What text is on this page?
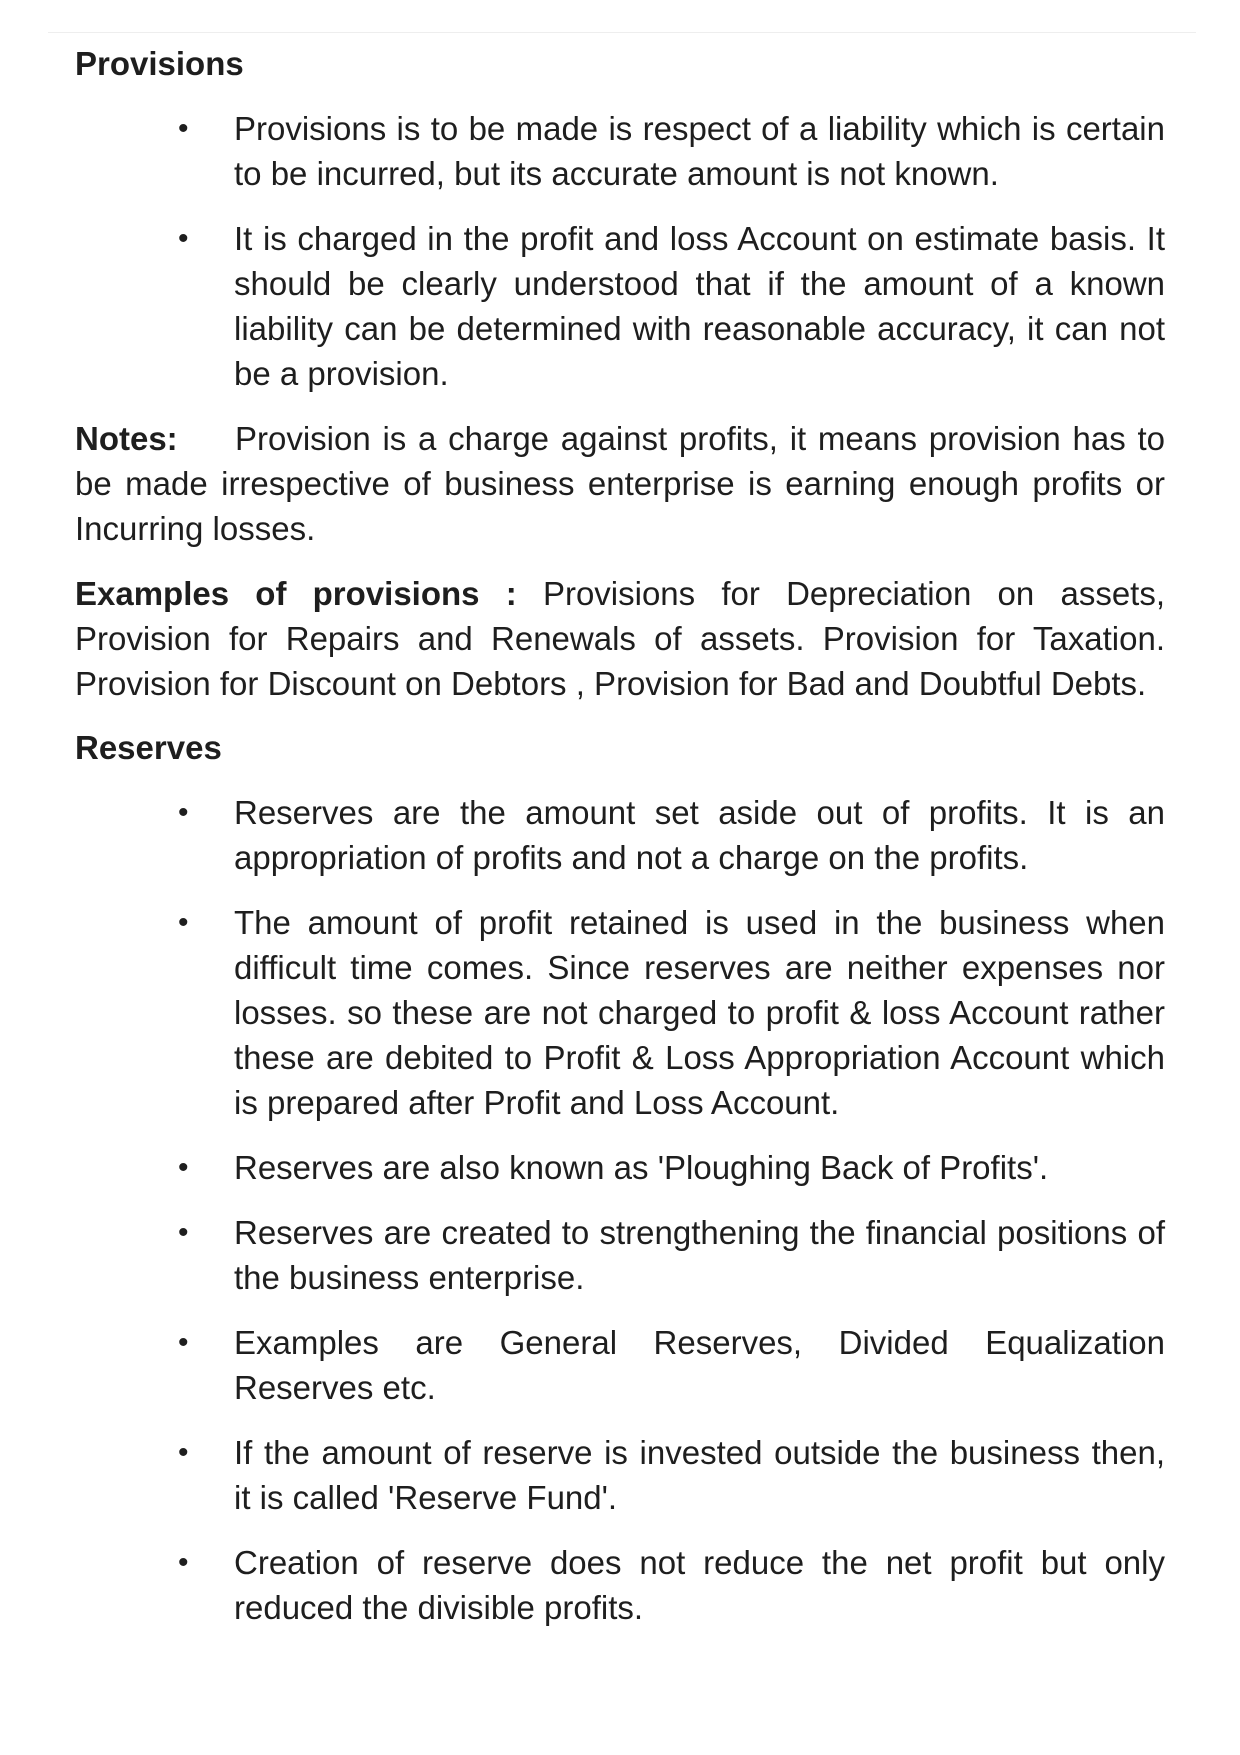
Provisions
• Provisions is to be made is respect of a liability which is certain to be incurred, but its accurate amount is not known.
• It is charged in the profit and loss Account on estimate basis. It should be clearly understood that if the amount of a known liability can be determined with reasonable accuracy, it can not be a provision.

Notes: Provision is a charge against profits, it means provision has to be made irrespective of business enterprise is earning enough profits or Incurring losses.

Examples of provisions : Provisions for Depreciation on assets, Provision for Repairs and Renewals of assets. Provision for Taxation. Provision for Discount on Debtors , Provision for Bad and Doubtful Debts.

Reserves
• Reserves are the amount set aside out of profits. It is an appropriation of profits and not a charge on the profits.
• The amount of profit retained is used in the business when difficult time comes. Since reserves are neither expenses nor losses. so these are not charged to profit & loss Account rather these are debited to Profit & Loss Appropriation Account which is prepared after Profit and Loss Account.
• Reserves are also known as 'Ploughing Back of Profits'.
• Reserves are created to strengthening the financial positions of the business enterprise.
• Examples are General Reserves, Divided Equalization Reserves etc.
• If the amount of reserve is invested outside the business then, it is called 'Reserve Fund'.
• Creation of reserve does not reduce the net profit but only reduced the divisible profits.
